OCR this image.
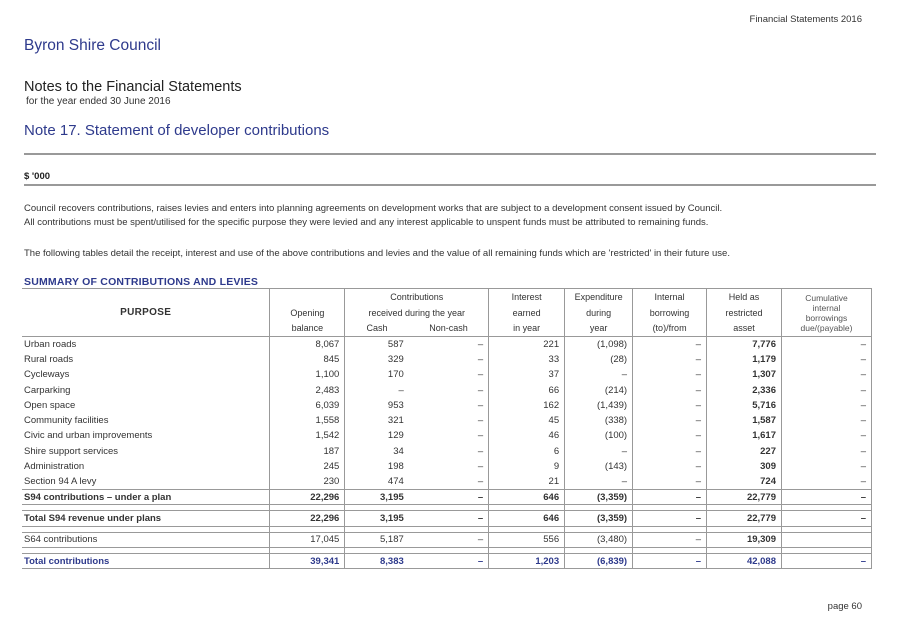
Financial Statements 2016
Byron Shire Council
Notes to the Financial Statements
for the year ended 30 June 2016
Note 17. Statement of developer contributions
$ '000
Council recovers contributions, raises levies and enters into planning agreements on development works that are subject to a development consent issued by Council.
All contributions must be spent/utilised for the specific purpose they were levied and any interest applicable to unspent funds must be attributed to remaining funds.
The following tables detail the receipt, interest and use of the above contributions and levies and the value of all remaining funds which are 'restricted' in their future use.
SUMMARY OF CONTRIBUTIONS AND LEVIES
PURPOSE		Contributions		Interest	Expenditure	Internal	Held as	Cumulative
internal
borrowings
due/(payable)

	Opening	received during the year		earned	during	borrowing	restricted	
	balance	Cash	Non-cash	in year	year	(to)/from	asset	
Urban roads	8,067	587	–	221	(1,098)	–	7,776	–
Rural roads	845	329	–	33	(28)	–	1,179	–
Cycleways	1,100	170	–	37	–	–	1,307	–
Carparking	2,483	–	–	66	(214)	–	2,336	–
Open space	6,039	953	–	162	(1,439)	–	5,716	–
Community facilities	1,558	321	–	45	(338)	–	1,587	–
Civic and urban improvements	1,542	129	–	46	(100)	–	1,617	–
Shire support services	187	34	–	6	–	–	227	–
Administration	245	198	–	9	(143)	–	309	–
Section 94 A levy	230	474	–	21	–	–	724	–
S94 contributions – under a plan	22,296	3,195	–	646	(3,359)	–	22,779	–

Total S94 revenue under plans	22,296	3,195	–	646	(3,359)	–	22,779	–

S64 contributions	17,045	5,187	–	556	(3,480)	–	19,309	

Total contributions	39,341	8,383	–	1,203	(6,839)	–	42,088	–
page 60
